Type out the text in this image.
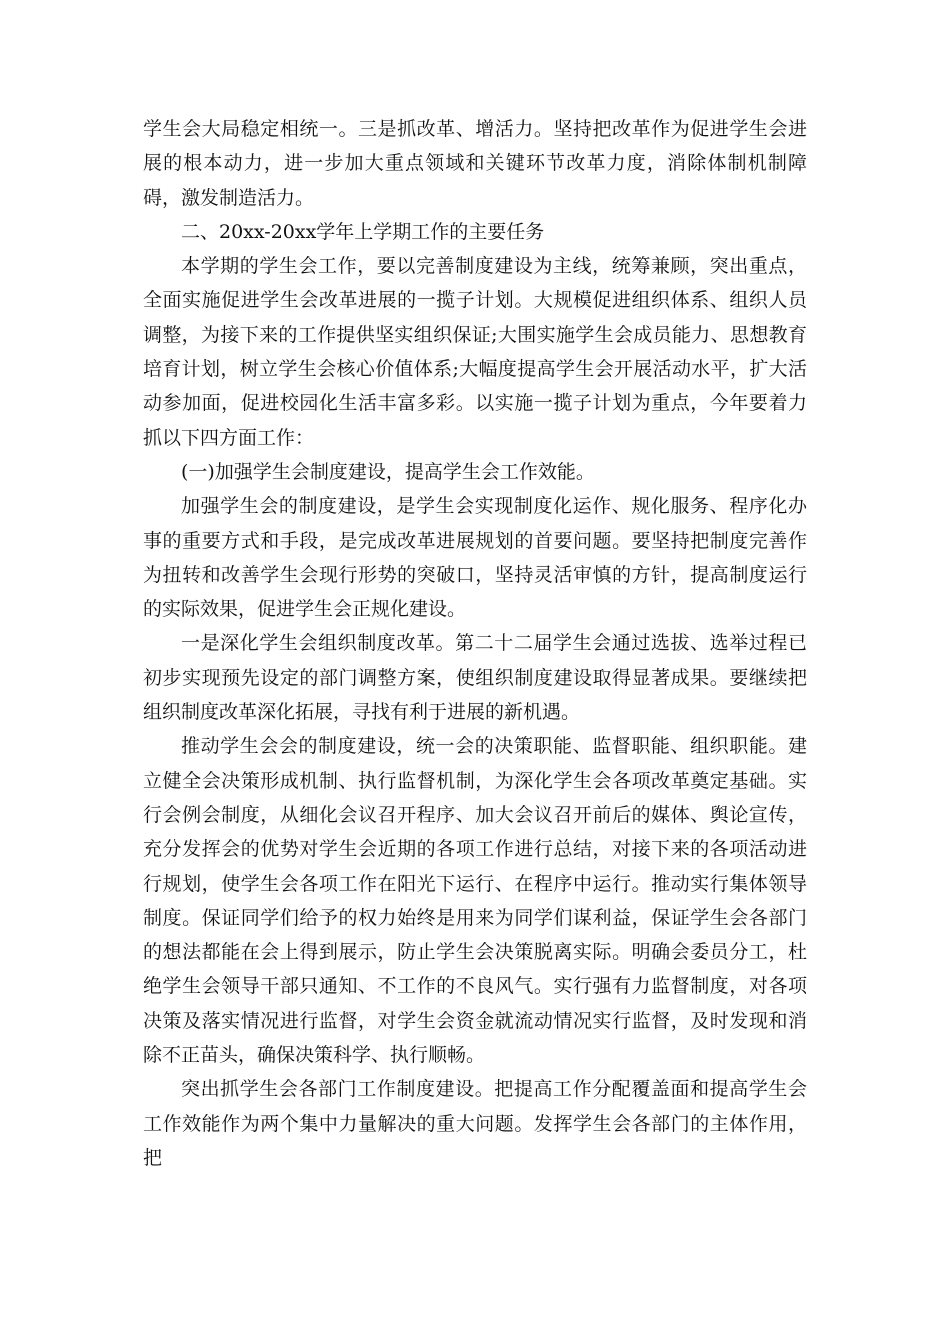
学生会大局稳定相统一。三是抓改革、增活力。坚持把改革作为促进学生会进展的根本动力，进一步加大重点领域和关键环节改革力度，消除体制机制障碍，激发制造活力。

二、20xx-20xx学年上学期工作的主要任务

本学期的学生会工作，要以完善制度建设为主线，统筹兼顾，突出重点，全面实施促进学生会改革进展的一揽子计划。大规模促进组织体系、组织人员调整，为接下来的工作提供坚实组织保证;大围实施学生会成员能力、思想教育培育计划，树立学生会核心价值体系;大幅度提高学生会开展活动水平，扩大活动参加面，促进校园化生活丰富多彩。以实施一揽子计划为重点，今年要着力抓以下四方面工作：

(一)加强学生会制度建设，提高学生会工作效能。

加强学生会的制度建设，是学生会实现制度化运作、规化服务、程序化办事的重要方式和手段，是完成改革进展规划的首要问题。要坚持把制度完善作为扭转和改善学生会现行形势的突破口，坚持灵活审慎的方针，提高制度运行的实际效果，促进学生会正规化建设。

一是深化学生会组织制度改革。第二十二届学生会通过选拔、选举过程已初步实现预先设定的部门调整方案，使组织制度建设取得显著成果。要继续把组织制度改革深化拓展，寻找有利于进展的新机遇。

推动学生会会的制度建设，统一会的决策职能、监督职能、组织职能。建立健全会决策形成机制、执行监督机制，为深化学生会各项改革奠定基础。实行会例会制度，从细化会议召开程序、加大会议召开前后的媒体、舆论宣传，充分发挥会的优势对学生会近期的各项工作进行总结，对接下来的各项活动进行规划，使学生会各项工作在阳光下运行、在程序中运行。推动实行集体领导制度。保证同学们给予的权力始终是用来为同学们谋利益，保证学生会各部门的想法都能在会上得到展示，防止学生会决策脱离实际。明确会委员分工，杜绝学生会领导干部只通知、不工作的不良风气。实行强有力监督制度，对各项决策及落实情况进行监督，对学生会资金就流动情况实行监督，及时发现和消除不正苗头，确保决策科学、执行顺畅。

突出抓学生会各部门工作制度建设。把提高工作分配覆盖面和提高学生会工作效能作为两个集中力量解决的重大问题。发挥学生会各部门的主体作用，把
